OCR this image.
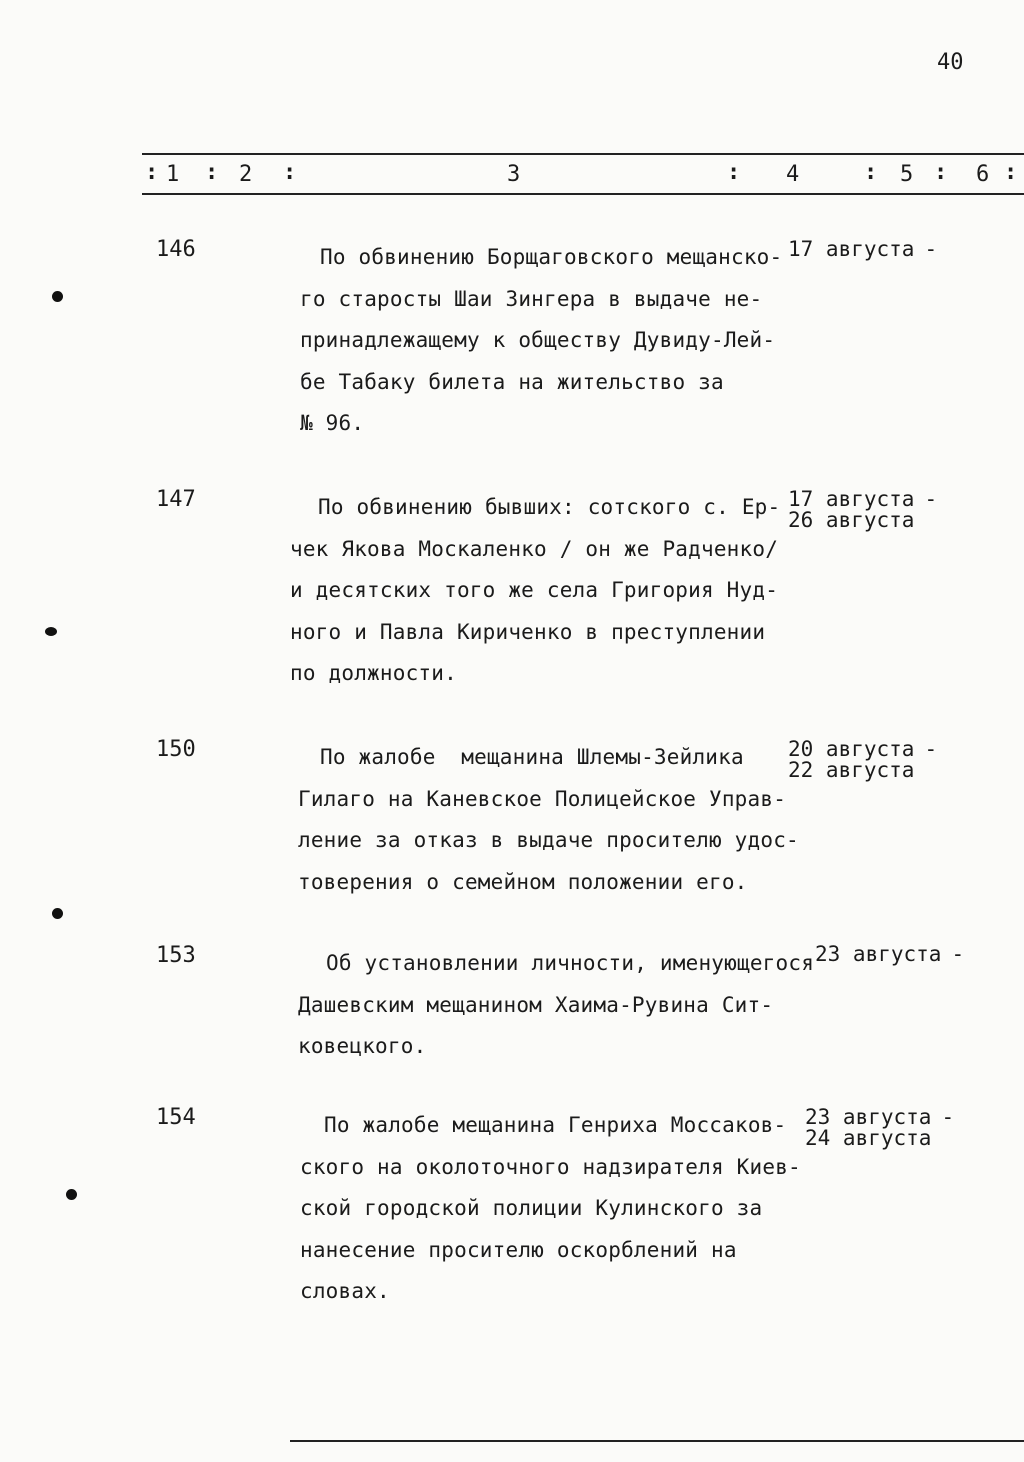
40
: 1 : 2 :	3	: 4	: 5 : 6 :
146	По обвинению Борщаговского мещанско-
го старосты Шаи Зингера в выдаче не-
принадлежащему к обществу Дувиду-Лей-
бе Табаку билета на жительство за
№ 96.
17 августа -
147	По обвинению бывших: сотского с. Ер-
чек Якова Москаленко / он же Радченко/
и десятских того же села Григория Нуд-
ного и Павла Кириченко в преступлении
по должности.
17 августа -
26 августа
150	По жалобе  мещанина Шлемы-Зейлика
Гилаго на Каневское Полицейское Управ-
ление за отказ в выдаче просителю удос-
товерения о семейном положении его.
20 августа -
22 августа
153	Об установлении личности, именующегося
Дашевским мещанином Хаима-Рувина Сит-
ковецкого.
23 августа -
154	По жалобе мещанина Генриха Моссаков-
ского на околоточного надзирателя Киев-
ской городской полиции Кулинского за
нанесение просителю оскорблений на
словах.
23 августа -
24 августа
